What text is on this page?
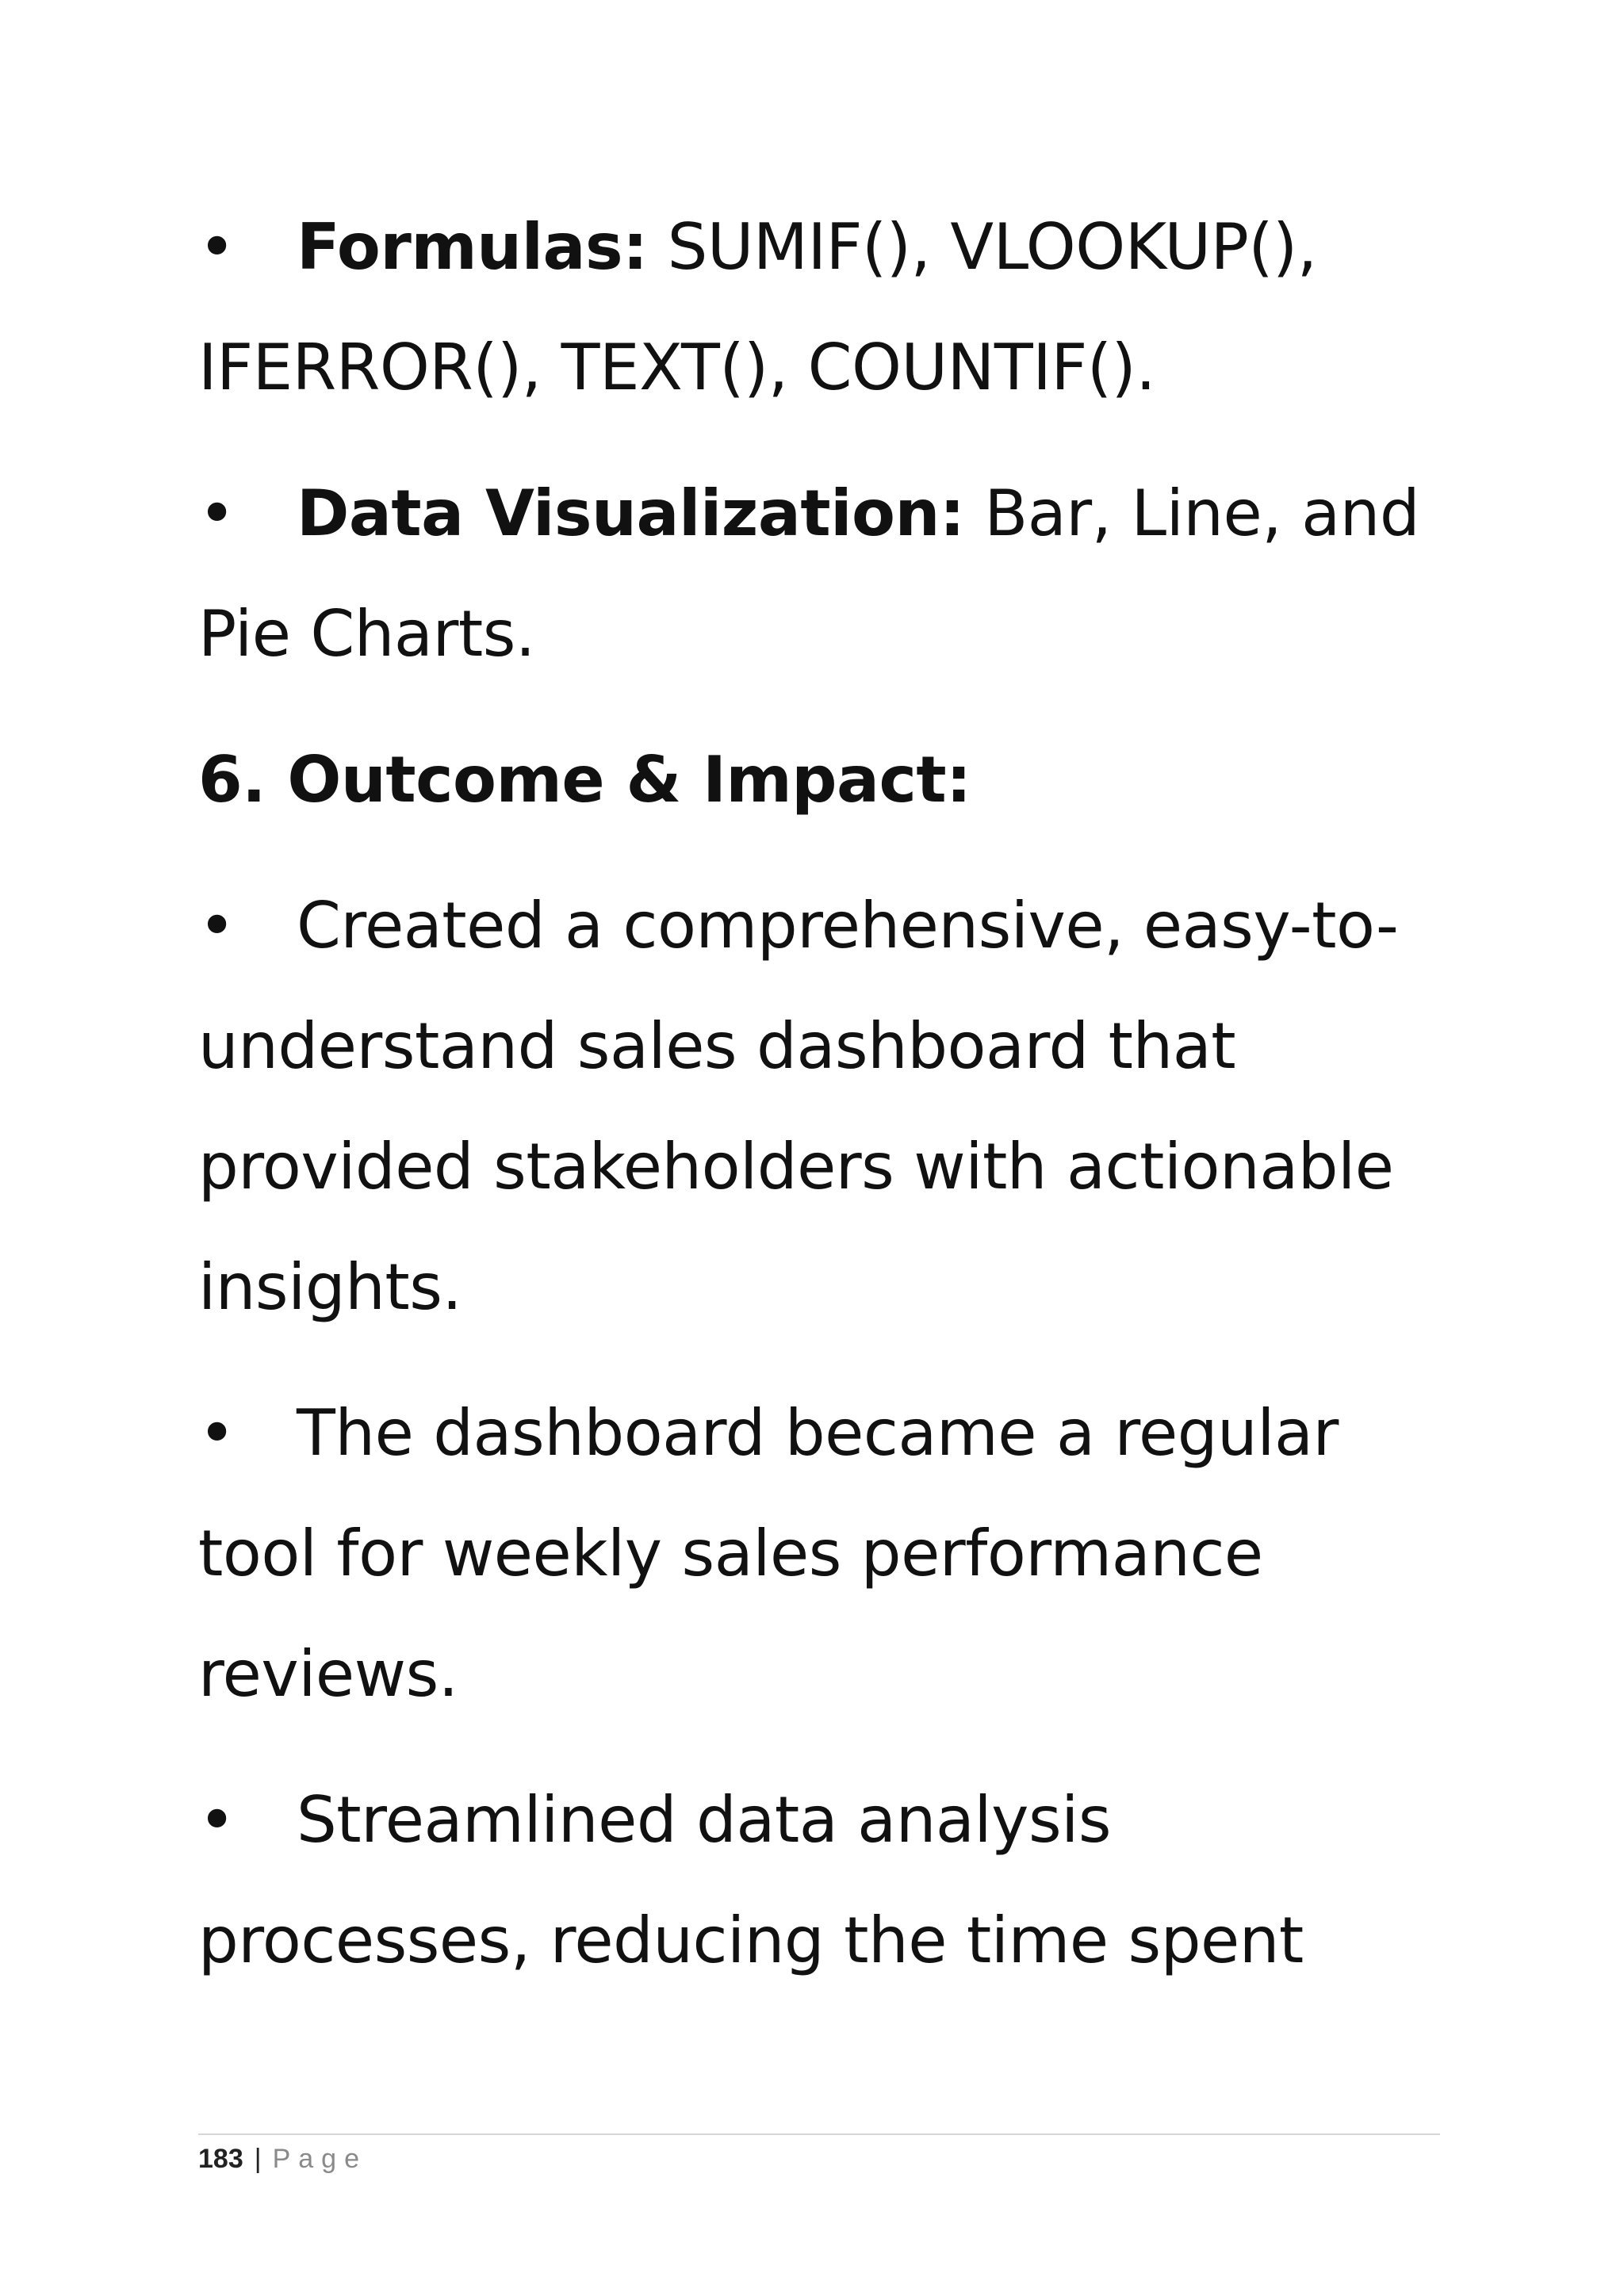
• Formulas: SUMIF(), VLOOKUP(), IFERROR(), TEXT(), COUNTIF().

• Data Visualization: Bar, Line, and Pie Charts.

6. Outcome & Impact:

• Created a comprehensive, easy-to-understand sales dashboard that provided stakeholders with actionable insights.

• The dashboard became a regular tool for weekly sales performance reviews.

• Streamlined data analysis processes, reducing the time spent

183 | Page
